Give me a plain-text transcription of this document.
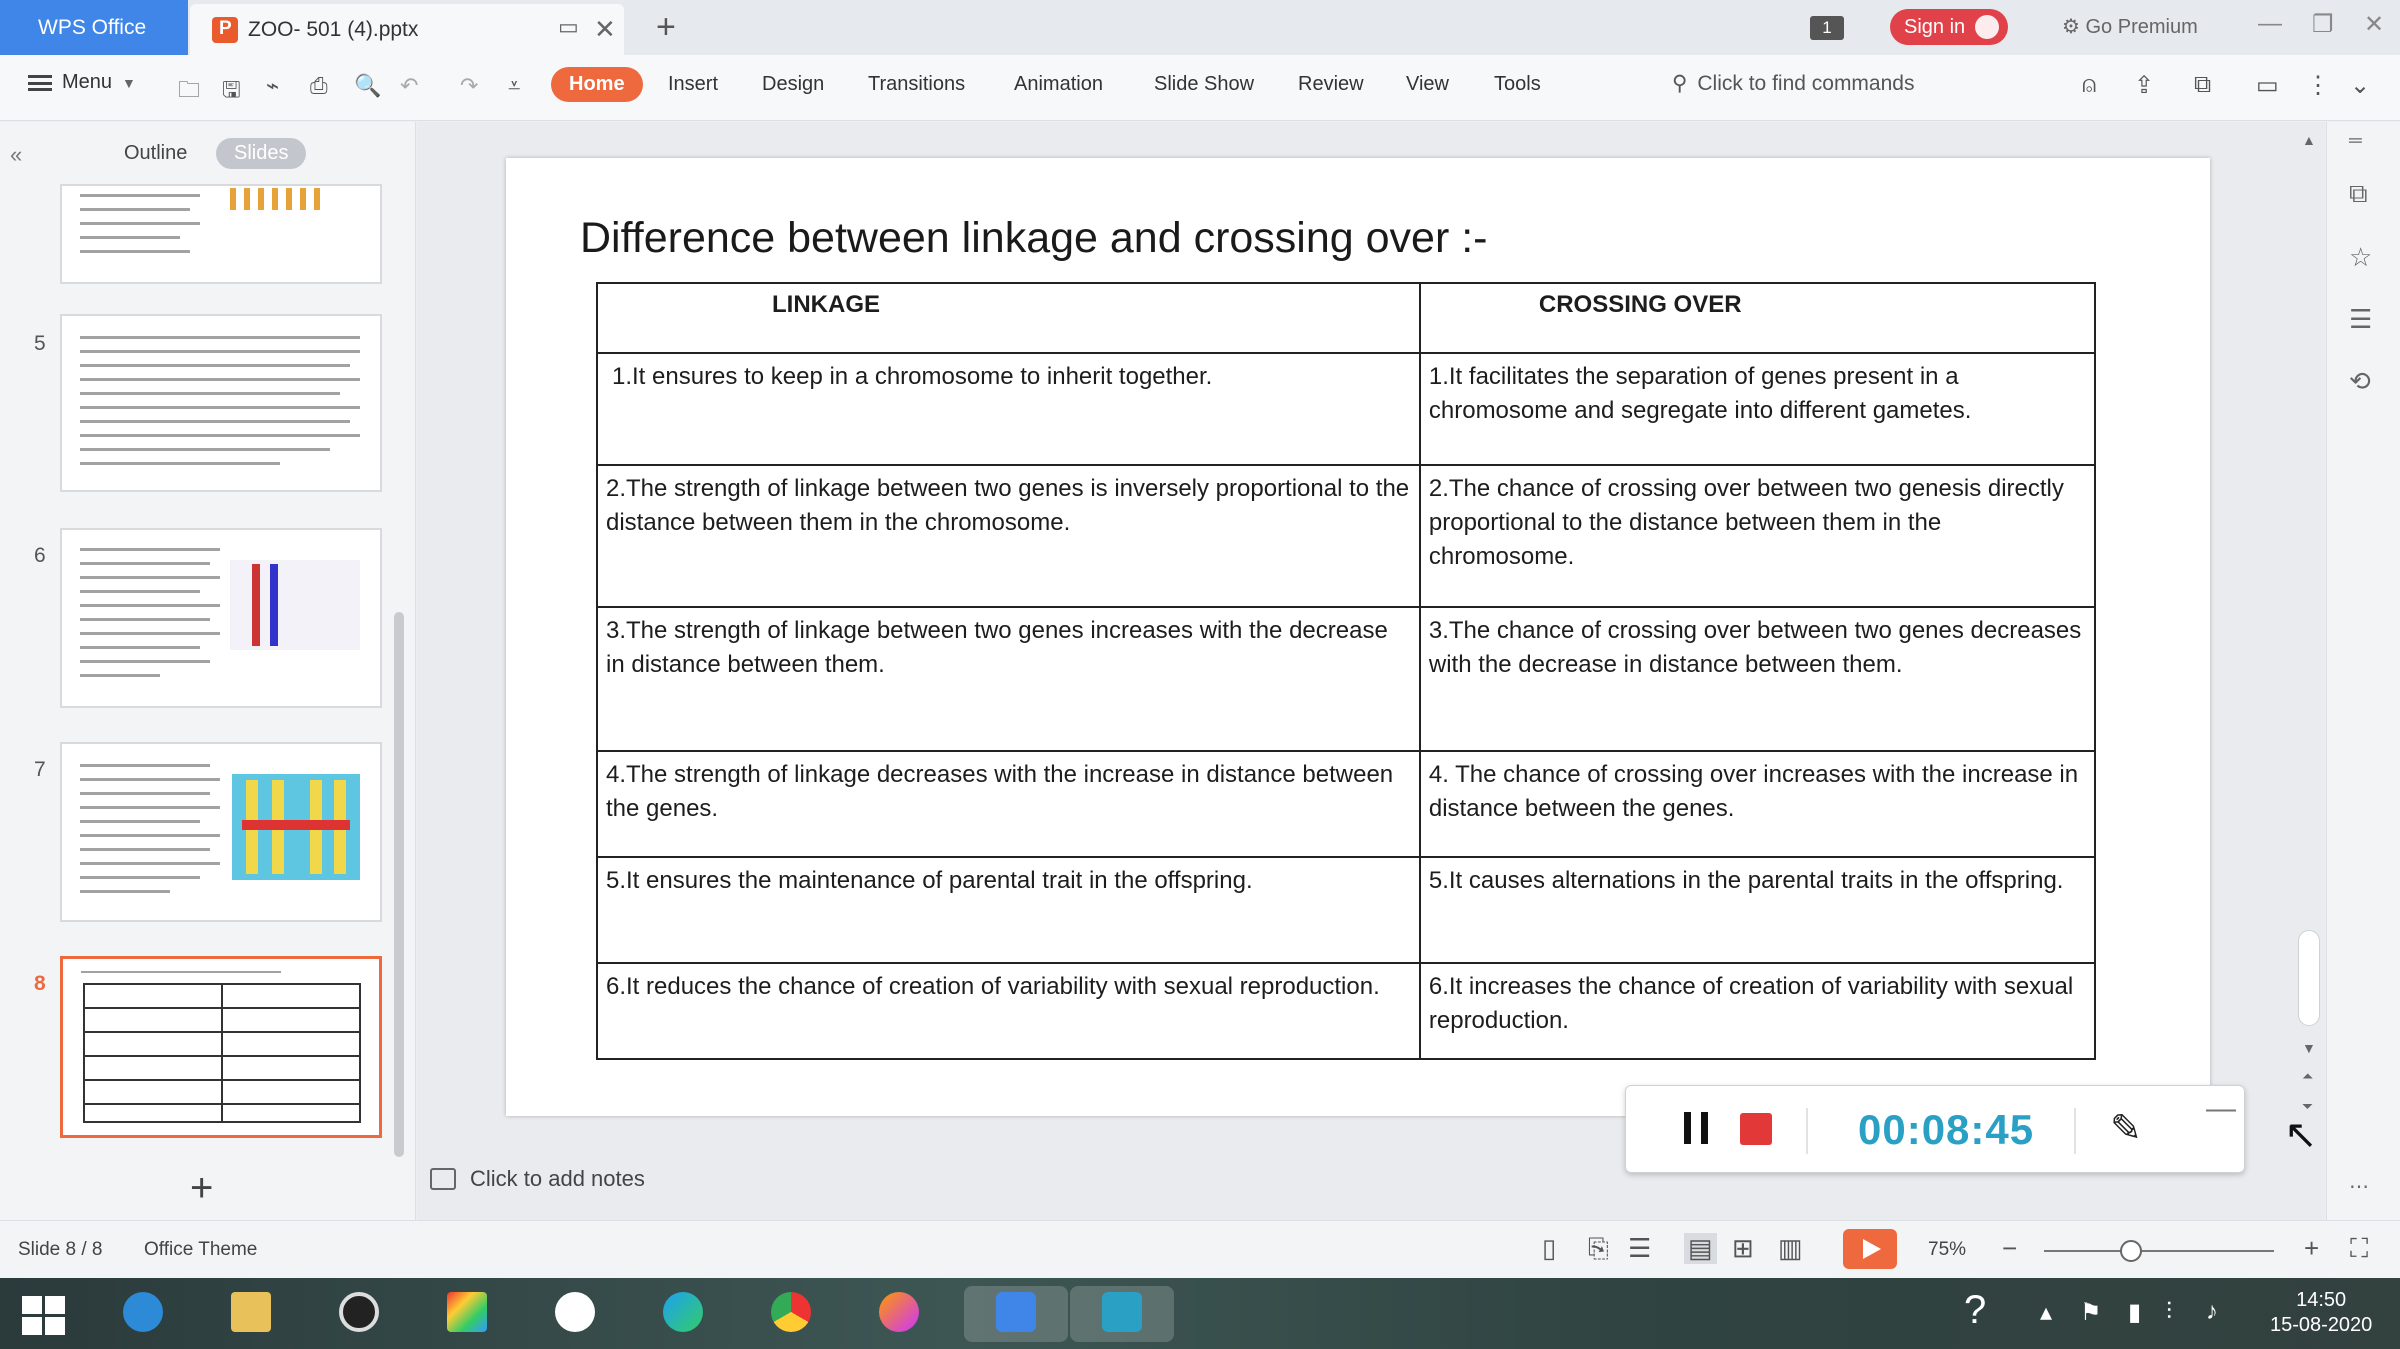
WPS Office P	ZOO- 501 (4).pptx	▭ ✕ +	1	Sign in	⚙ Go Premium	— ❐ ✕
Menu ▼ 🗀 🖫 ⌁ ⎙ 🔍 ↶ ↷ ⩡	Home	Insert Design Transitions Animation	Slide Show Review View Tools	⚲ Click to find commands	⍝ ⇪ ⧉ ▭ ⋮ ⌄
«	Outline	Slides
5
6
7
8
+
Difference between linkage and crossing over :-
LINKAGE	CROSSING OVER
1.It ensures to keep in a chromosome to inherit together.	1.It facilitates the separation of genes present in a chromosome and segregate into different gametes.
2.The strength of linkage between two genes is inversely proportional to the distance between them in the chromosome.	2.The chance of crossing over between two genesis directly proportional to the distance between them in the chromosome.
3.The strength of linkage between two genes increases with the decrease in distance between them.	3.The chance of crossing over between two genes decreases with the decrease in distance between them.
4.The strength of linkage decreases with the increase in distance between the genes.	4. The chance of crossing over increases with the increase in distance between the genes.
5.It ensures the maintenance of parental trait in the offspring.	5.It causes alternations in the parental traits in the offspring.
6.It reduces the chance of creation of variability with sexual reproduction.	6.It increases the chance of creation of variability with sexual reproduction.
Click to add notes
▲
▼
⏶
⏷
═
⧉
☆
☰
⟲
⋯
00:08:45 ✎ —
↖
Slide 8 / 8 Office Theme	▯ ⎘ ☰ ▤ ⊞ ▥	75% −	+ ⛶
? ▴ ⚑ ▮ ⫶ ♪	14:50
15-08-2020
